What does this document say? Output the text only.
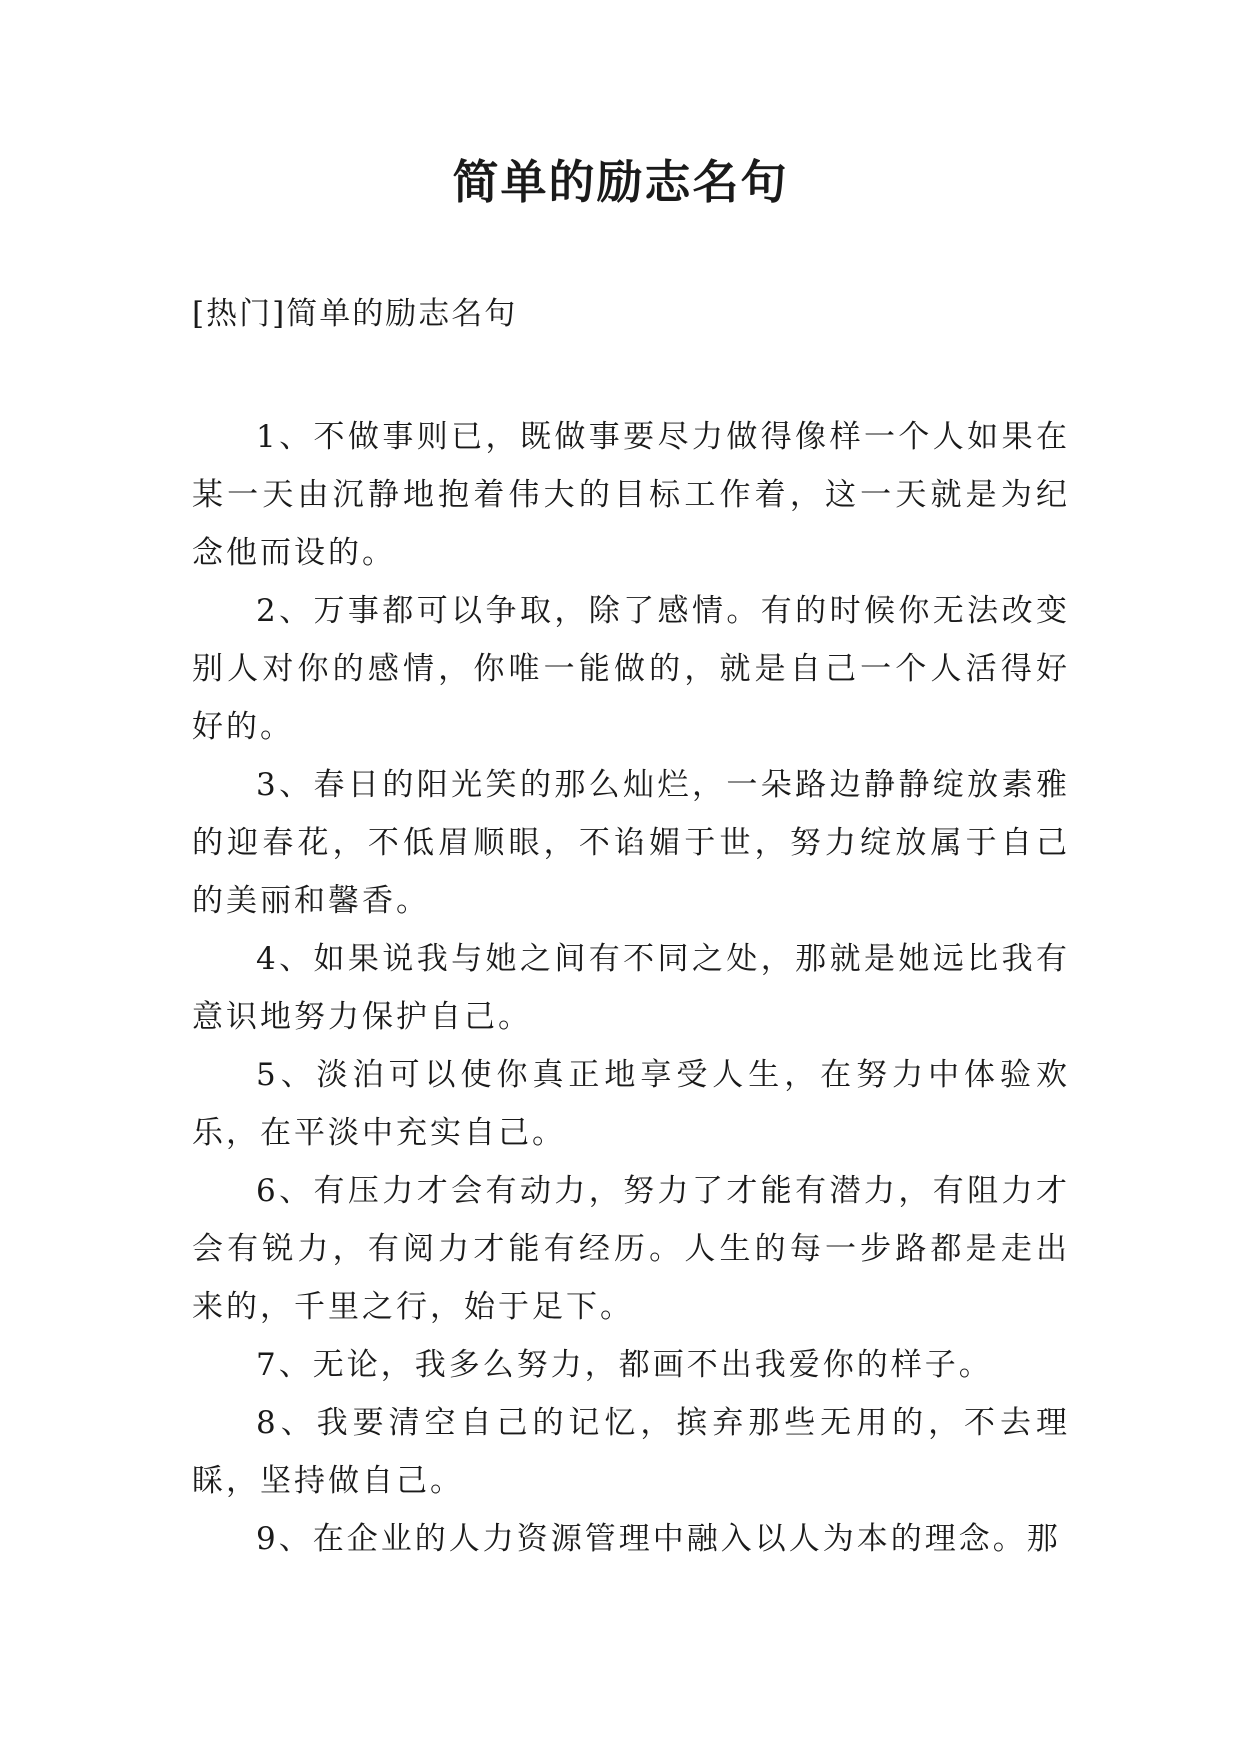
简单的励志名句

[热门]简单的励志名句

1、不做事则已，既做事要尽力做得像样一个人如果在某一天由沉静地抱着伟大的目标工作着，这一天就是为纪念他而设的。

2、万事都可以争取，除了感情。有的时候你无法改变别人对你的感情，你唯一能做的，就是自己一个人活得好好的。

3、春日的阳光笑的那么灿烂，一朵路边静静绽放素雅的迎春花，不低眉顺眼，不谄媚于世，努力绽放属于自己的美丽和馨香。

4、如果说我与她之间有不同之处，那就是她远比我有意识地努力保护自己。

5、淡泊可以使你真正地享受人生，在努力中体验欢乐，在平淡中充实自己。

6、有压力才会有动力，努力了才能有潜力，有阻力才会有锐力，有阅力才能有经历。人生的每一步路都是走出来的，千里之行，始于足下。

7、无论，我多么努力，都画不出我爱你的样子。

8、我要清空自己的记忆，摈弃那些无用的，不去理睬，坚持做自己。

9、在企业的人力资源管理中融入以人为本的理念。那
